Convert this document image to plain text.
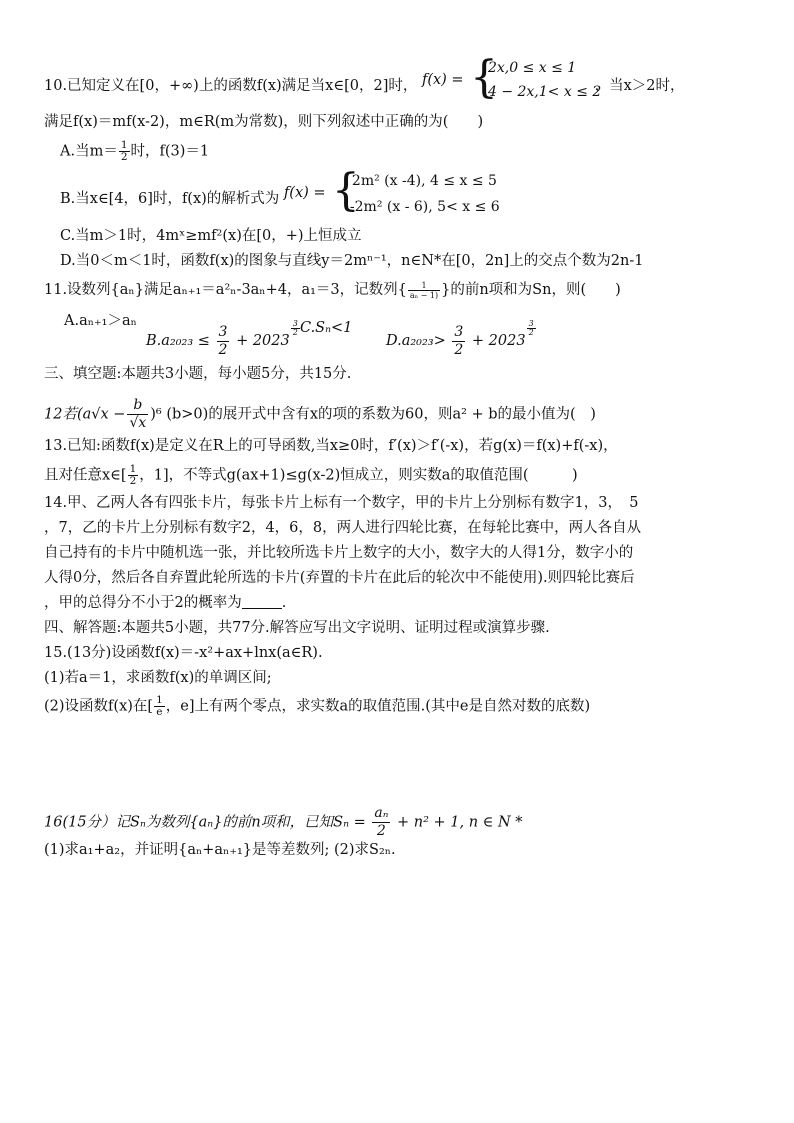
10.已知定义在[0，+∞)上的函数f(x)满足当x∈[0，2]时， f(x) = {
2x,0 ≤ x ≤ 1
4 − 2x,1< x ≤ 2
，当x＞2时，
满足f(x)＝mf(x-2)，m∈R(m为常数)，则下列叙述中正确的为(　　)
A.当$m= \frac{1}{2}$ 时，f(3)＝1
B.当x∈[4，6]时，f(x)的解析式为 f(x) = {
2m² (x -4), 4 ≤ x ≤ 5
-2m² (x - 6), 5< x ≤ 6
C.当m＞1时，4mˣ≥mf²(x)在[0，+)上恒成立
D.当0＜m＜1时，函数f(x)的图象与直线y＝2mⁿ⁻¹，n∈N*在[0，2n]上的交点个数为2n-1
11.设数列{aₙ}满足aₙ₊₁＝a²ₙ-3aₙ+4，a₁＝3，记数列{ $\frac{1}{\text{aₙ − 1)}}$ }的前n项和为Sn，则(　　)
A.aₙ₊₁＞aₙ
$B.a_{2023} \le \frac{3}{2} + 2023$
$\frac{3}{2} C.S_n<1$
$D.a_{2023}> \frac{3}{2} + 2023$
$\frac{3}{2}$
三、填空题:本题共3小题，每小题5分，共15分.
12若$(a√x - \frac{b}{√x} )^6$ (b>0)的展开式中含有x的项的系数为60，则a² + b的最小值为(　)
13.已知:函数f(x)是定义在R上的可导函数,当x≥0时，f′(x)＞f′(-x)，若g(x)＝f(x)+f(-x)，
且对任意x∈[ $\frac{1}{2}$ ，1]，不等式g(ax+1)≤g(x-2)恒成立，则实数a的取值范围(　　　)
14.甲、乙两人各有四张卡片，每张卡片上标有一个数字，甲的卡片上分别标有数字1，3，　5
，7，乙的卡片上分别标有数字2，4，6，8，两人进行四轮比赛，在每轮比赛中，两人各自从
自己持有的卡片中随机选一张，并比较所选卡片上数字的大小，数字大的人得1分，数字小的
人得0分，然后各自弃置此轮所选的卡片(弃置的卡片在此后的轮次中不能使用).则四轮比赛后
，甲的总得分不小于2的概率为	.
四、解答题:本题共5小题，共77分.解答应写出文字说明、证明过程或演算步骤.
15.(13分)设函数f(x)＝-x²+ax+lnx(a∈R).
(1)若a＝1，求函数f(x)的单调区间;
(2)设函数f(x)在[ $\frac{1}{e}$ ，e]上有两个零点，求实数a的取值范围.(其中e是自然对数的底数)
16(15分）记Sₙ为数列{aₙ}的前n项和，已知$S_n = \frac{\text{aₙ}}{2} + n^2 + 1$, n ∈ N *
(1)求a₁+a₂，并证明{aₙ+aₙ₊₁}是等差数列; (2)求S₂ₙ.
